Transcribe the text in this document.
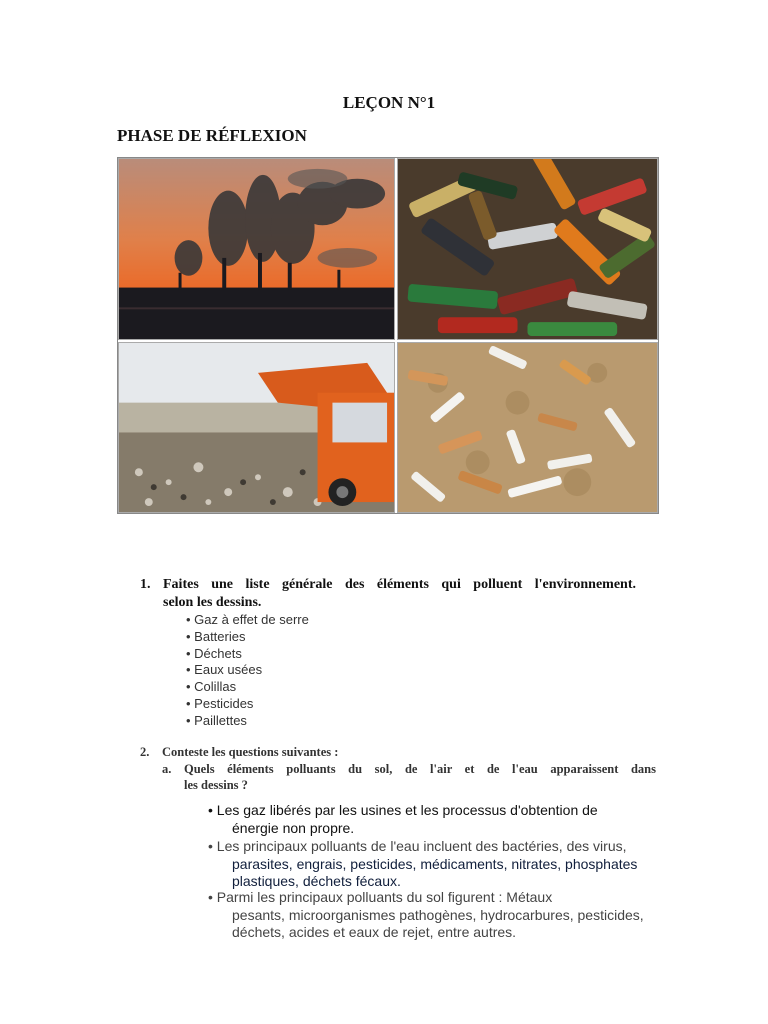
LEÇON N°1
PHASE DE RÉFLEXION
1. Faites une liste générale des éléments qui polluent l'environnement.
selon les dessins.
• Gaz à effet de serre
• Batteries
• Déchets
• Eaux usées
• Colillas
• Pesticides
• Paillettes
2. Conteste les questions suivantes :
a. Quels éléments polluants du sol, de l'air et de l'eau apparaissent dans
les dessins ?
• Les gaz libérés par les usines et les processus d'obtention de
énergie non propre.
• Les principaux polluants de l'eau incluent des bactéries, des virus,
parasites, engrais, pesticides, médicaments, nitrates, phosphates
plastiques, déchets fécaux.
• Parmi les principaux polluants du sol figurent : Métaux
pesants, microorganismes pathogènes, hydrocarbures, pesticides,
déchets, acides et eaux de rejet, entre autres.
